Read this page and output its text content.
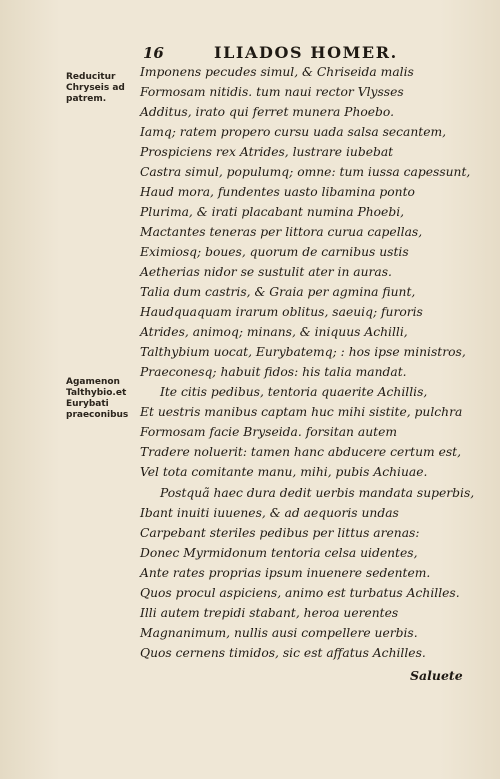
16	ILIADOS HOMER.
Reducitur
Chryseis ad
patrem.
Agamenon
Talthybio.et
Eurybati
praeconibus
Imponens pecudes simul, & Chriseida malis
Formosam nitidis. tum naui rector Vlysses
Additus, irato qui ferret munera Phoebo.
Iamq; ratem propero cursu uada salsa secantem,
Prospiciens rex Atrides, lustrare iubebat
Castra simul, populumq; omne: tum iussa capessunt,
Haud mora, fundentes uasto libamina ponto
Plurima, & irati placabant numina Phoebi,
Mactantes teneras per littora curua capellas,
Eximiosq; boues, quorum de carnibus ustis
Aetherias nidor se sustulit ater in auras.
Talia dum castris, & Graia per agmina fiunt,
Haudquaquam irarum oblitus, saeuiq; furoris
Atrides, animoq; minans, & iniquus Achilli,
Talthybium uocat, Eurybatemq; : hos ipse ministros,
Praeconesq; habuit fidos: his talia mandat.
Ite citis pedibus, tentoria quaerite Achillis,
Et uestris manibus captam huc mihi sistite, pulchra
Formosam facie Bryseida. forsitan autem
Tradere noluerit: tamen hanc abducere certum est,
Vel tota comitante manu, mihi, pubis Achiuae.
Postquã haec dura dedit uerbis mandata superbis,
Ibant inuiti iuuenes, & ad aequoris undas
Carpebant steriles pedibus per littus arenas:
Donec Myrmidonum tentoria celsa uidentes,
Ante rates proprias ipsum inuenere sedentem.
Quos procul aspiciens, animo est turbatus Achilles.
Illi autem trepidi stabant, heroa uerentes
Magnanimum, nullis ausi compellere uerbis.
Quos cernens timidos, sic est affatus Achilles.
Saluete
